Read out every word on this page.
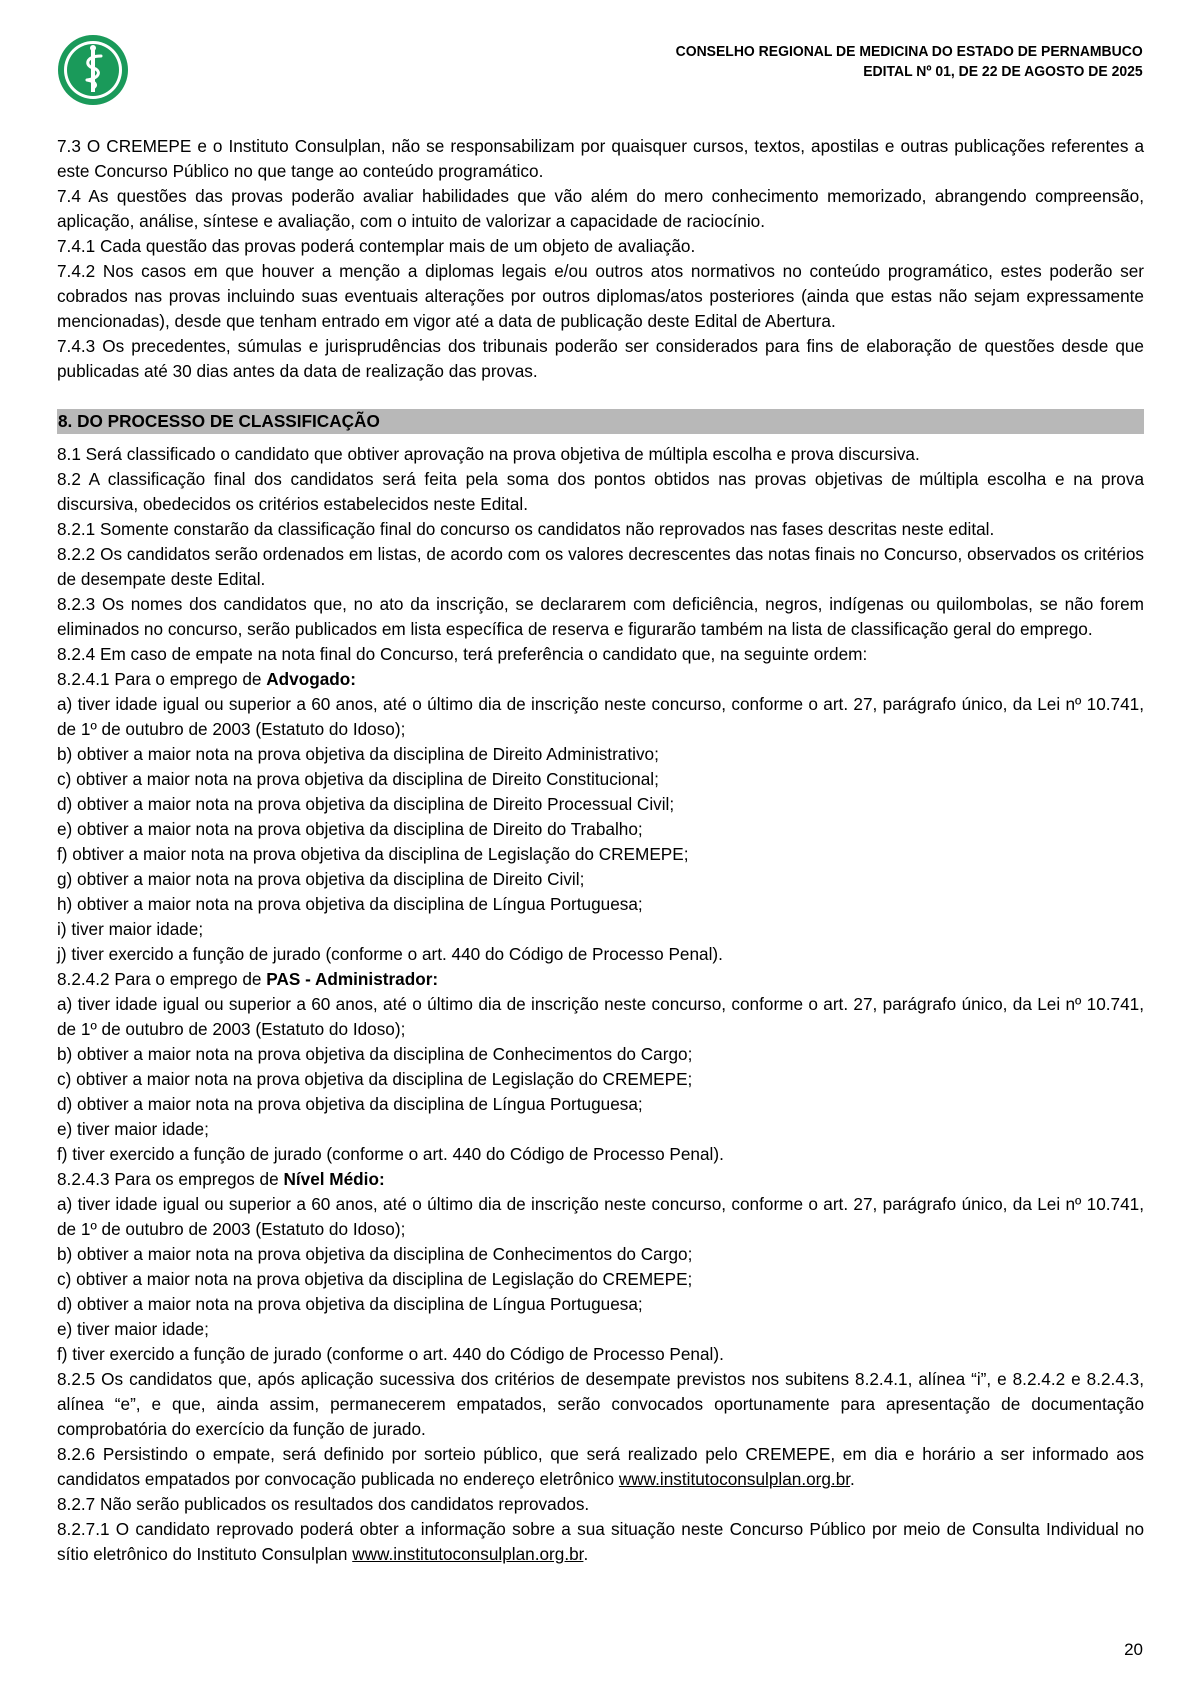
CONSELHO REGIONAL DE MEDICINA DO ESTADO DE PERNAMBUCO
EDITAL Nº 01, DE 22 DE AGOSTO DE 2025

7.3 O CREMEPE e o Instituto Consulplan, não se responsabilizam por quaisquer cursos, textos, apostilas e outras publicações referentes a este Concurso Público no que tange ao conteúdo programático.

7.4 As questões das provas poderão avaliar habilidades que vão além do mero conhecimento memorizado, abrangendo compreensão, aplicação, análise, síntese e avaliação, com o intuito de valorizar a capacidade de raciocínio.

7.4.1 Cada questão das provas poderá contemplar mais de um objeto de avaliação.

7.4.2 Nos casos em que houver a menção a diplomas legais e/ou outros atos normativos no conteúdo programático, estes poderão ser cobrados nas provas incluindo suas eventuais alterações por outros diplomas/atos posteriores (ainda que estas não sejam expressamente mencionadas), desde que tenham entrado em vigor até a data de publicação deste Edital de Abertura.

7.4.3 Os precedentes, súmulas e jurisprudências dos tribunais poderão ser considerados para fins de elaboração de questões desde que publicadas até 30 dias antes da data de realização das provas.

8. DO PROCESSO DE CLASSIFICAÇÃO

8.1 Será classificado o candidato que obtiver aprovação na prova objetiva de múltipla escolha e prova discursiva.

8.2 A classificação final dos candidatos será feita pela soma dos pontos obtidos nas provas objetivas de múltipla escolha e na prova discursiva, obedecidos os critérios estabelecidos neste Edital.

8.2.1 Somente constarão da classificação final do concurso os candidatos não reprovados nas fases descritas neste edital.

8.2.2 Os candidatos serão ordenados em listas, de acordo com os valores decrescentes das notas finais no Concurso, observados os critérios de desempate deste Edital.

8.2.3 Os nomes dos candidatos que, no ato da inscrição, se declararem com deficiência, negros, indígenas ou quilombolas, se não forem eliminados no concurso, serão publicados em lista específica de reserva e figurarão também na lista de classificação geral do emprego.

8.2.4 Em caso de empate na nota final do Concurso, terá preferência o candidato que, na seguinte ordem:

8.2.4.1 Para o emprego de Advogado:

a) tiver idade igual ou superior a 60 anos, até o último dia de inscrição neste concurso, conforme o art. 27, parágrafo único, da Lei nº 10.741, de 1º de outubro de 2003 (Estatuto do Idoso);

b) obtiver a maior nota na prova objetiva da disciplina de Direito Administrativo;

c) obtiver a maior nota na prova objetiva da disciplina de Direito Constitucional;

d) obtiver a maior nota na prova objetiva da disciplina de Direito Processual Civil;

e) obtiver a maior nota na prova objetiva da disciplina de Direito do Trabalho;

f) obtiver a maior nota na prova objetiva da disciplina de Legislação do CREMEPE;

g) obtiver a maior nota na prova objetiva da disciplina de Direito Civil;

h) obtiver a maior nota na prova objetiva da disciplina de Língua Portuguesa;

i) tiver maior idade;

j) tiver exercido a função de jurado (conforme o art. 440 do Código de Processo Penal).

8.2.4.2 Para o emprego de PAS - Administrador:

a) tiver idade igual ou superior a 60 anos, até o último dia de inscrição neste concurso, conforme o art. 27, parágrafo único, da Lei nº 10.741, de 1º de outubro de 2003 (Estatuto do Idoso);

b) obtiver a maior nota na prova objetiva da disciplina de Conhecimentos do Cargo;

c) obtiver a maior nota na prova objetiva da disciplina de Legislação do CREMEPE;

d) obtiver a maior nota na prova objetiva da disciplina de Língua Portuguesa;

e) tiver maior idade;

f) tiver exercido a função de jurado (conforme o art. 440 do Código de Processo Penal).

8.2.4.3 Para os empregos de Nível Médio:

a) tiver idade igual ou superior a 60 anos, até o último dia de inscrição neste concurso, conforme o art. 27, parágrafo único, da Lei nº 10.741, de 1º de outubro de 2003 (Estatuto do Idoso);

b) obtiver a maior nota na prova objetiva da disciplina de Conhecimentos do Cargo;

c) obtiver a maior nota na prova objetiva da disciplina de Legislação do CREMEPE;

d) obtiver a maior nota na prova objetiva da disciplina de Língua Portuguesa;

e) tiver maior idade;

f) tiver exercido a função de jurado (conforme o art. 440 do Código de Processo Penal).

8.2.5 Os candidatos que, após aplicação sucessiva dos critérios de desempate previstos nos subitens 8.2.4.1, alínea “i”, e 8.2.4.2 e 8.2.4.3, alínea “e”, e que, ainda assim, permanecerem empatados, serão convocados oportunamente para apresentação de documentação comprobatória do exercício da função de jurado.

8.2.6 Persistindo o empate, será definido por sorteio público, que será realizado pelo CREMEPE, em dia e horário a ser informado aos candidatos empatados por convocação publicada no endereço eletrônico www.institutoconsulplan.org.br.

8.2.7 Não serão publicados os resultados dos candidatos reprovados.

8.2.7.1 O candidato reprovado poderá obter a informação sobre a sua situação neste Concurso Público por meio de Consulta Individual no sítio eletrônico do Instituto Consulplan www.institutoconsulplan.org.br.

20
